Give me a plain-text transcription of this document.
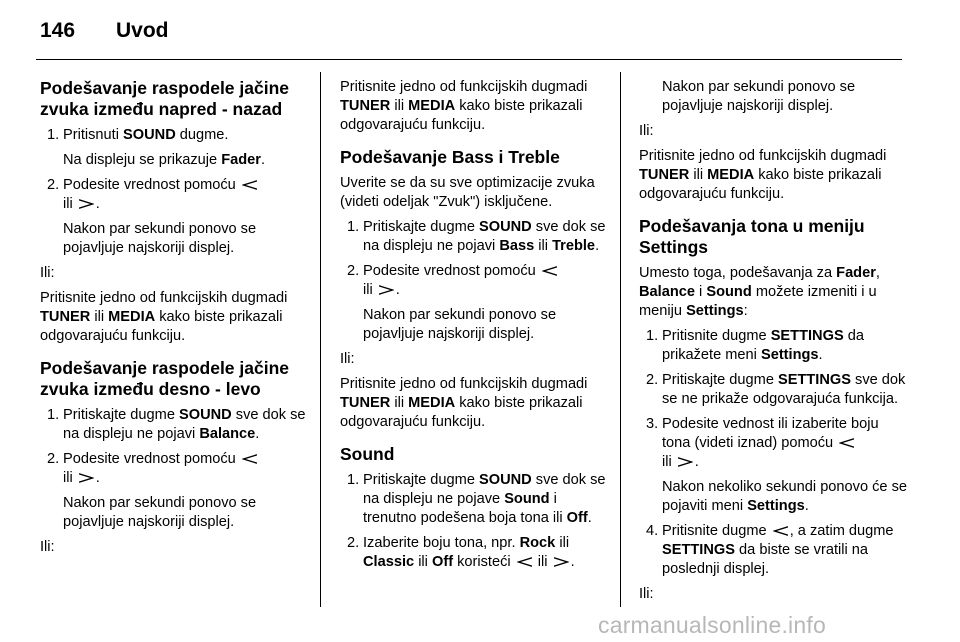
146 Uvod
Podešavanje raspodele jačine zvuka između napred - nazad
1. Pritisnuti SOUND dugme.
Na displeju se prikazuje Fader.
2. Podesite vrednost pomoću
ili .
Nakon par sekundi ponovo se pojavljuje najskoriji displej.

Ili:

Pritisnite jedno od funkcijskih dugmadi TUNER ili MEDIA kako biste prikazali odgovarajuću funkciju.

Podešavanje raspodele jačine zvuka između desno - levo
1. Pritiskajte dugme SOUND sve dok se na displeju ne pojavi Balance.
2. Podesite vrednost pomoću
ili .
Nakon par sekundi ponovo se pojavljuje najskoriji displej.

Ili:

Pritisnite jedno od funkcijskih dugmadi TUNER ili MEDIA kako biste prikazali odgovarajuću funkciju.

Podešavanje Bass i Treble

Uverite se da su sve optimizacije zvuka (videti odeljak "Zvuk") isključene.

1. Pritiskajte dugme SOUND sve dok se na displeju ne pojavi Bass ili Treble.
2. Podesite vrednost pomoću
ili .
Nakon par sekundi ponovo se pojavljuje najskoriji displej.

Ili:

Pritisnite jedno od funkcijskih dugmadi TUNER ili MEDIA kako biste prikazali odgovarajuću funkciju.

Sound
1. Pritiskajte dugme SOUND sve dok se na displeju ne pojave Sound i trenutno podešena boja tona ili Off.
2. Izaberite boju tona, npr. Rock ili
Classic ili Off koristeći ili .

Nakon par sekundi ponovo se pojavljuje najskoriji displej.

Ili:

Pritisnite jedno od funkcijskih dugmadi TUNER ili MEDIA kako biste prikazali odgovarajuću funkciju.

Podešavanja tona u meniju Settings

Umesto toga, podešavanja za Fader, Balance i Sound možete izmeniti i u meniju Settings:

1. Pritisnite dugme SETTINGS da prikažete meni Settings.
2. Pritiskajte dugme SETTINGS sve dok se ne prikaže odgovarajuća funkcija.
3. Podesite vednost ili izaberite boju tona (videti iznad) pomoću
ili .
Nakon nekoliko sekundi ponovo će se pojaviti meni Settings.
4. Pritisnite dugme , a zatim dugme SETTINGS da biste se vratili na poslednji displej.

Ili:

carmanualsonline.info
